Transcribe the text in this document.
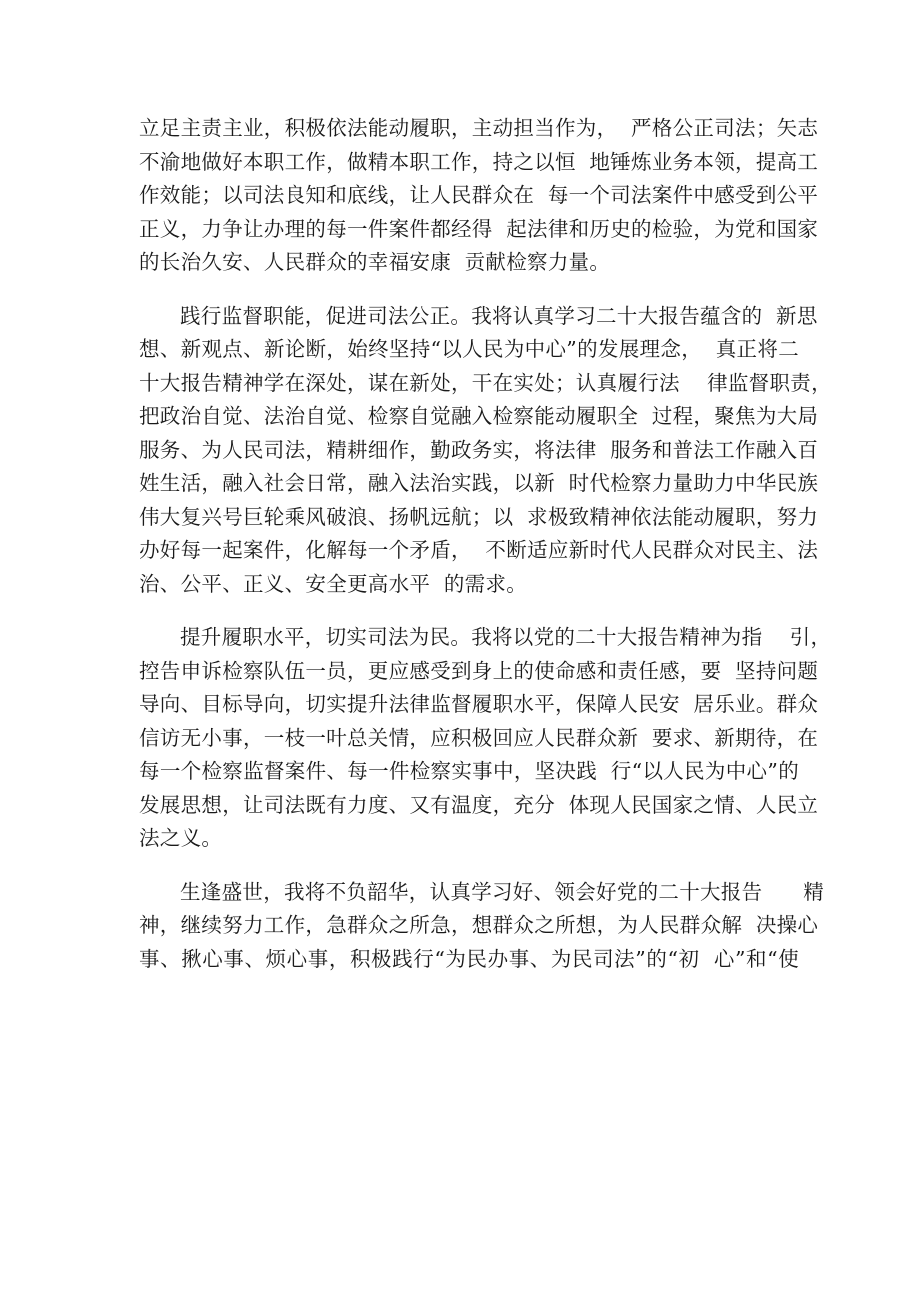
立足主责主业，积极依法能动履职，主动担当作为，  严格公正司法；矢志
不渝地做好本职工作，做精本职工作，持之以恒  地锤炼业务本领，提高工
作效能；以司法良知和底线，让人民群众在  每一个司法案件中感受到公平
正义，力争让办理的每一件案件都经得  起法律和历史的检验，为党和国家
的长治久安、人民群众的幸福安康  贡献检察力量。
践行监督职能，促进司法公正。我将认真学习二十大报告蕴含的  新思
想、新观点、新论断，始终坚持“以人民为中心”的发展理念，  真正将二
十大报告精神学在深处，谋在新处，干在实处；认真履行法    律监督职责，
把政治自觉、法治自觉、检察自觉融入检察能动履职全  过程，聚焦为大局
服务、为人民司法，精耕细作，勤政务实，将法律  服务和普法工作融入百
姓生活，融入社会日常，融入法治实践，以新  时代检察力量助力中华民族
伟大复兴号巨轮乘风破浪、扬帆远航；以  求极致精神依法能动履职，努力
办好每一起案件，化解每一个矛盾，  不断适应新时代人民群众对民主、法
治、公平、正义、安全更高水平  的需求。
提升履职水平，切实司法为民。我将以党的二十大报告精神为指    引，
控告申诉检察队伍一员，更应感受到身上的使命感和责任感，要  坚持问题
导向、目标导向，切实提升法律监督履职水平，保障人民安  居乐业。群众
信访无小事，一枝一叶总关情，应积极回应人民群众新  要求、新期待，在
每一个检察监督案件、每一件检察实事中，坚决践  行“以人民为中心”的
发展思想，让司法既有力度、又有温度，充分  体现人民国家之情、人民立
法之义。
生逢盛世，我将不负韶华，认真学习好、领会好党的二十大报告      精
神，继续努力工作，急群众之所急，想群众之所想，为人民群众解  决操心
事、揪心事、烦心事，积极践行“为民办事、为民司法”的“初  心”和“使
